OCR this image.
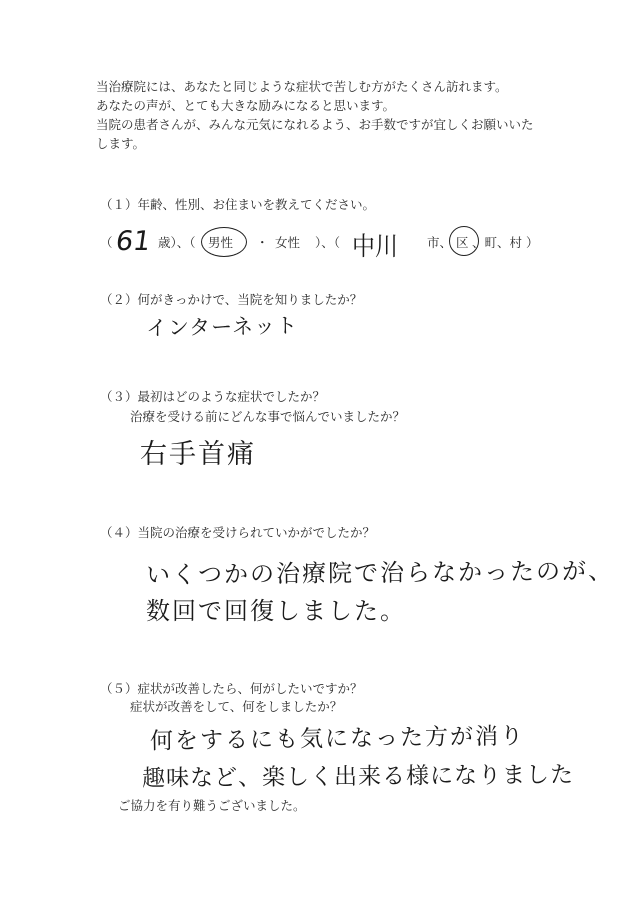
当治療院には、あなたと同じような症状で苦しむ方がたくさん訪れます。
あなたの声が、とても大きな励みになると思います。
当院の患者さんが、みんな元気になれるよう、お手数ですが宜しくお願いいた
します。
（１）年齢、性別、お住まいを教えてください。
（ 61 歳）、（ 男性 ・ 女性 ）、（ 中川 市、 区 、町、村 ）
（２）何がきっかけで、当院を知りましたか？
インターネット
（３）最初はどのような症状でしたか？
治療を受ける前にどんな事で悩んでいましたか？
右手首痛
（４）当院の治療を受けられていかがでしたか？
いくつかの治療院で治らなかったのが、
数回で回復しました。
（５）症状が改善したら、何がしたいですか？
症状が改善をして、何をしましたか？
何をするにも気になった方が消り
趣味など、楽しく出来る様になりました
ご協力を有り難うございました。
